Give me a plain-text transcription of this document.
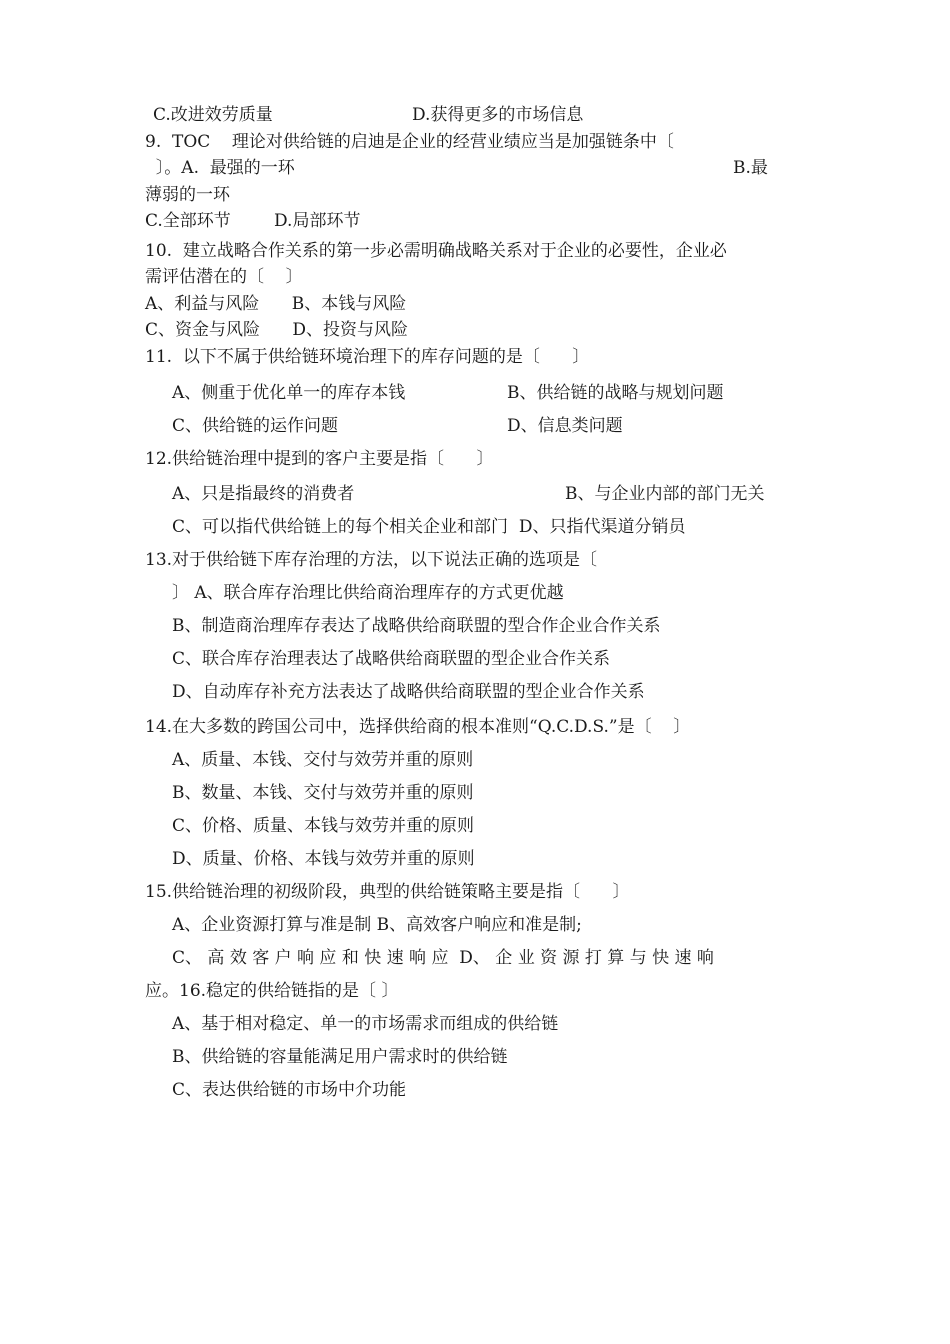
C.改进效劳质量	D.获得更多的市场信息
9.  TOC    理论对供给链的启迪是企业的经营业绩应当是加强链条中〔
〕。A.  最强的一环	B.最
薄弱的一环
C.全部环节        D.局部环节
10.  建立战略合作关系的第一步必需明确战略关系对于企业的必要性，企业必
需评估潜在的〔    〕
A、利益与风险      B、本钱与风险
C、资金与风险      D、投资与风险
11.  以下不属于供给链环境治理下的库存问题的是〔      〕
A、侧重于优化单一的库存本钱	B、供给链的战略与规划问题
C、供给链的运作问题	D、信息类问题
12.供给链治理中提到的客户主要是指〔      〕
A、只是指最终的消费者	B、与企业内部的部门无关
C、可以指代供给链上的每个相关企业和部门  D、只指代渠道分销员
13.对于供给链下库存治理的方法，以下说法正确的选项是〔
〕 A、联合库存治理比供给商治理库存的方式更优越
B、制造商治理库存表达了战略供给商联盟的型合作企业合作关系
C、联合库存治理表达了战略供给商联盟的型企业合作关系
D、自动库存补充方法表达了战略供给商联盟的型企业合作关系
14.在大多数的跨国公司中，选择供给商的根本准则“Q.C.D.S.”是〔    〕
A、质量、本钱、交付与效劳并重的原则
B、数量、本钱、交付与效劳并重的原则
C、价格、质量、本钱与效劳并重的原则
D、质量、价格、本钱与效劳并重的原则
15.供给链治理的初级阶段，典型的供给链策略主要是指〔      〕
A、企业资源打算与准是制 B、高效客户响应和准是制;
C、 高 效 客 户 响 应 和 快 速 响 应  D、 企 业 资 源 打 算 与 快 速 响
应。16.稳定的供给链指的是〔 〕
A、基于相对稳定、单一的市场需求而组成的供给链
B、供给链的容量能满足用户需求时的供给链
C、表达供给链的市场中介功能
